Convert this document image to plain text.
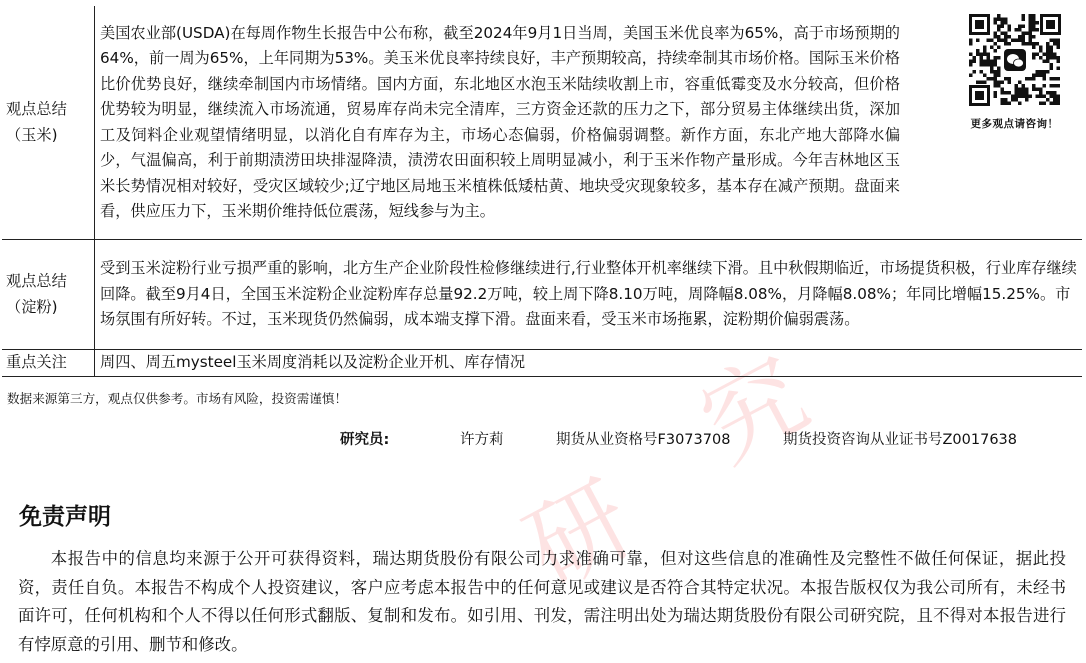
研
究
观点总结（玉米)	美国农业部(USDA)在每周作物生长报告中公布称，截至2024年9月1日当周，美国玉米优良率为65%，高于市场预期的64%，前一周为65%，上年同期为53%。美玉米优良率持续良好，丰产预期较高，持续牵制其市场价格。国际玉米价格比价优势良好，继续牵制国内市场情绪。国内方面，东北地区水泡玉米陆续收割上市，容重低霉变及水分较高，但价格优势较为明显，继续流入市场流通，贸易库存尚未完全清库，三方资金还款的压力之下，部分贸易主体继续出货，深加工及饲料企业观望情绪明显，以消化自有库存为主，市场心态偏弱，价格偏弱调整。新作方面，东北产地大部降水偏少，气温偏高，利于前期渍涝田块排湿降渍，渍涝农田面积较上周明显减小，利于玉米作物产量形成。今年吉林地区玉米长势情况相对较好，受灾区域较少;辽宁地区局地玉米植株低矮枯黄、地块受灾现象较多，基本存在减产预期。盘面来看，供应压力下，玉米期价维持低位震荡，短线参与为主。

观点总结（淀粉)	受到玉米淀粉行业亏损严重的影响，北方生产企业阶段性检修继续进行,行业整体开机率继续下滑。且中秋假期临近，市场提货积极，行业库存继续回降。截至9月4日，全国玉米淀粉企业淀粉库存总量92.2万吨，较上周下降8.10万吨，周降幅8.08%，月降幅8.08%；年同比增幅15.25%。市场氛围有所好转。不过，玉米现货仍然偏弱，成本端支撑下滑。盘面来看，受玉米市场拖累，淀粉期价偏弱震荡。
重点关注	周四、周五mysteel玉米周度消耗以及淀粉企业开机、库存情况
更多观点请咨询！
数据来源第三方，观点仅供参考。市场有风险，投资需谨慎！
研究员:	许方莉	期货从业资格号F3073708	期货投资咨询从业证书号Z0017638
免责声明

本报告中的信息均来源于公开可获得资料，瑞达期货股份有限公司力求准确可靠，但对这些信息的准确性及完整性不做任何保证，据此投资，责任自负。本报告不构成个人投资建议，客户应考虑本报告中的任何意见或建议是否符合其特定状况。本报告版权仅为我公司所有，未经书面许可，任何机构和个人不得以任何形式翻版、复制和发布。如引用、刊发，需注明出处为瑞达期货股份有限公司研究院，且不得对本报告进行有悖原意的引用、删节和修改。
